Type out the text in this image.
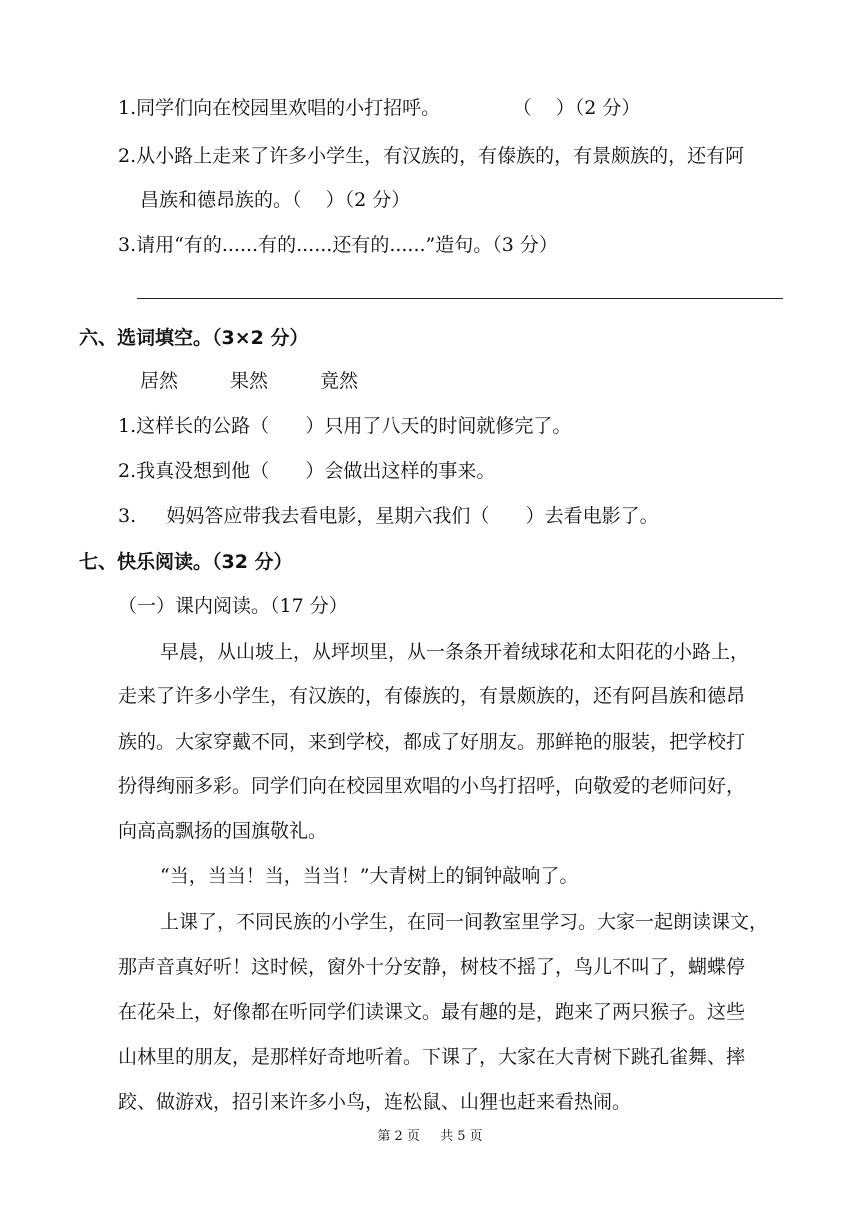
1.同学们向在校园里欢唱的小打招呼。            （    ）（2 分）
2.从小路上走来了许多小学生，有汉族的，有傣族的，有景颇族的，还有阿
昌族和德昂族的。（    ）（2 分）
3.请用“有的......有的......还有的......”造句。（3 分）
六、选词填空。（3×2 分）
居然	果然	竟然
1.这样长的公路（      ）只用了八天的时间就修完了。
2.我真没想到他（      ）会做出这样的事来。
3.     妈妈答应带我去看电影，星期六我们（      ）去看电影了。
七、快乐阅读。（32 分）
（一）课内阅读。（17 分）
早晨，从山坡上，从坪坝里，从一条条开着绒球花和太阳花的小路上，
走来了许多小学生，有汉族的，有傣族的，有景颇族的，还有阿昌族和德昂
族的。大家穿戴不同，来到学校，都成了好朋友。那鲜艳的服装，把学校打
扮得绚丽多彩。同学们向在校园里欢唱的小鸟打招呼，向敬爱的老师问好，
向高高飘扬的国旗敬礼。
“当，当当！当，当当！”大青树上的铜钟敲响了。
上课了，不同民族的小学生，在同一间教室里学习。大家一起朗读课文，
那声音真好听！这时候，窗外十分安静，树枝不摇了，鸟儿不叫了，蝴蝶停
在花朵上，好像都在听同学们读课文。最有趣的是，跑来了两只猴子。这些
山林里的朋友，是那样好奇地听着。下课了，大家在大青树下跳孔雀舞、摔
跤、做游戏，招引来许多小鸟，连松鼠、山狸也赶来看热闹。
第 2 页 共 5 页
